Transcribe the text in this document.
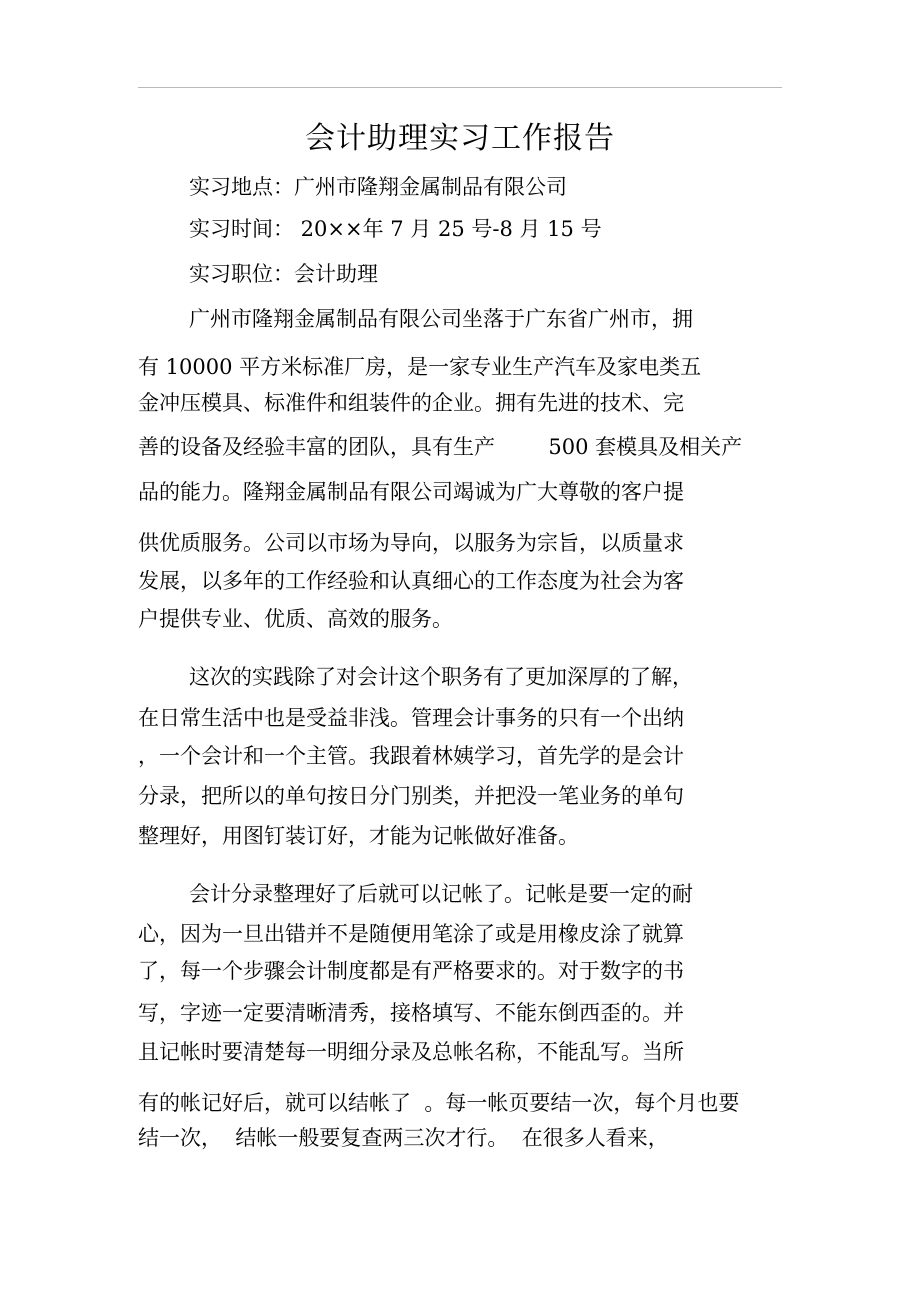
会计助理实习工作报告
实习地点：广州市隆翔金属制品有限公司
实习时间： 20××年 7 月 25 号-8 月 15 号
实习职位：会计助理
广州市隆翔金属制品有限公司坐落于广东省广州市，拥
有 10000 平方米标准厂房，是一家专业生产汽车及家电类五
金冲压模具、标准件和组装件的企业。拥有先进的技术、完
善的设备及经验丰富的团队，具有生产        500 套模具及相关产
品的能力。隆翔金属制品有限公司竭诚为广大尊敬的客户提
供优质服务。公司以市场为导向，以服务为宗旨，以质量求
发展，以多年的工作经验和认真细心的工作态度为社会为客
户提供专业、优质、高效的服务。
这次的实践除了对会计这个职务有了更加深厚的了解，
在日常生活中也是受益非浅。管理会计事务的只有一个出纳
，一个会计和一个主管。我跟着林姨学习，首先学的是会计
分录，把所以的单句按日分门别类，并把没一笔业务的单句
整理好，用图钉装订好，才能为记帐做好准备。
会计分录整理好了后就可以记帐了。记帐是要一定的耐
心，因为一旦出错并不是随便用笔涂了或是用橡皮涂了就算
了，每一个步骤会计制度都是有严格要求的。对于数字的书
写，字迹一定要清晰清秀，接格填写、不能东倒西歪的。并
且记帐时要清楚每一明细分录及总帐名称，不能乱写。当所
有的帐记好后，就可以结帐了  。每一帐页要结一次，每个月也要
结一次，  结帐一般要复查两三次才行。  在很多人看来，
